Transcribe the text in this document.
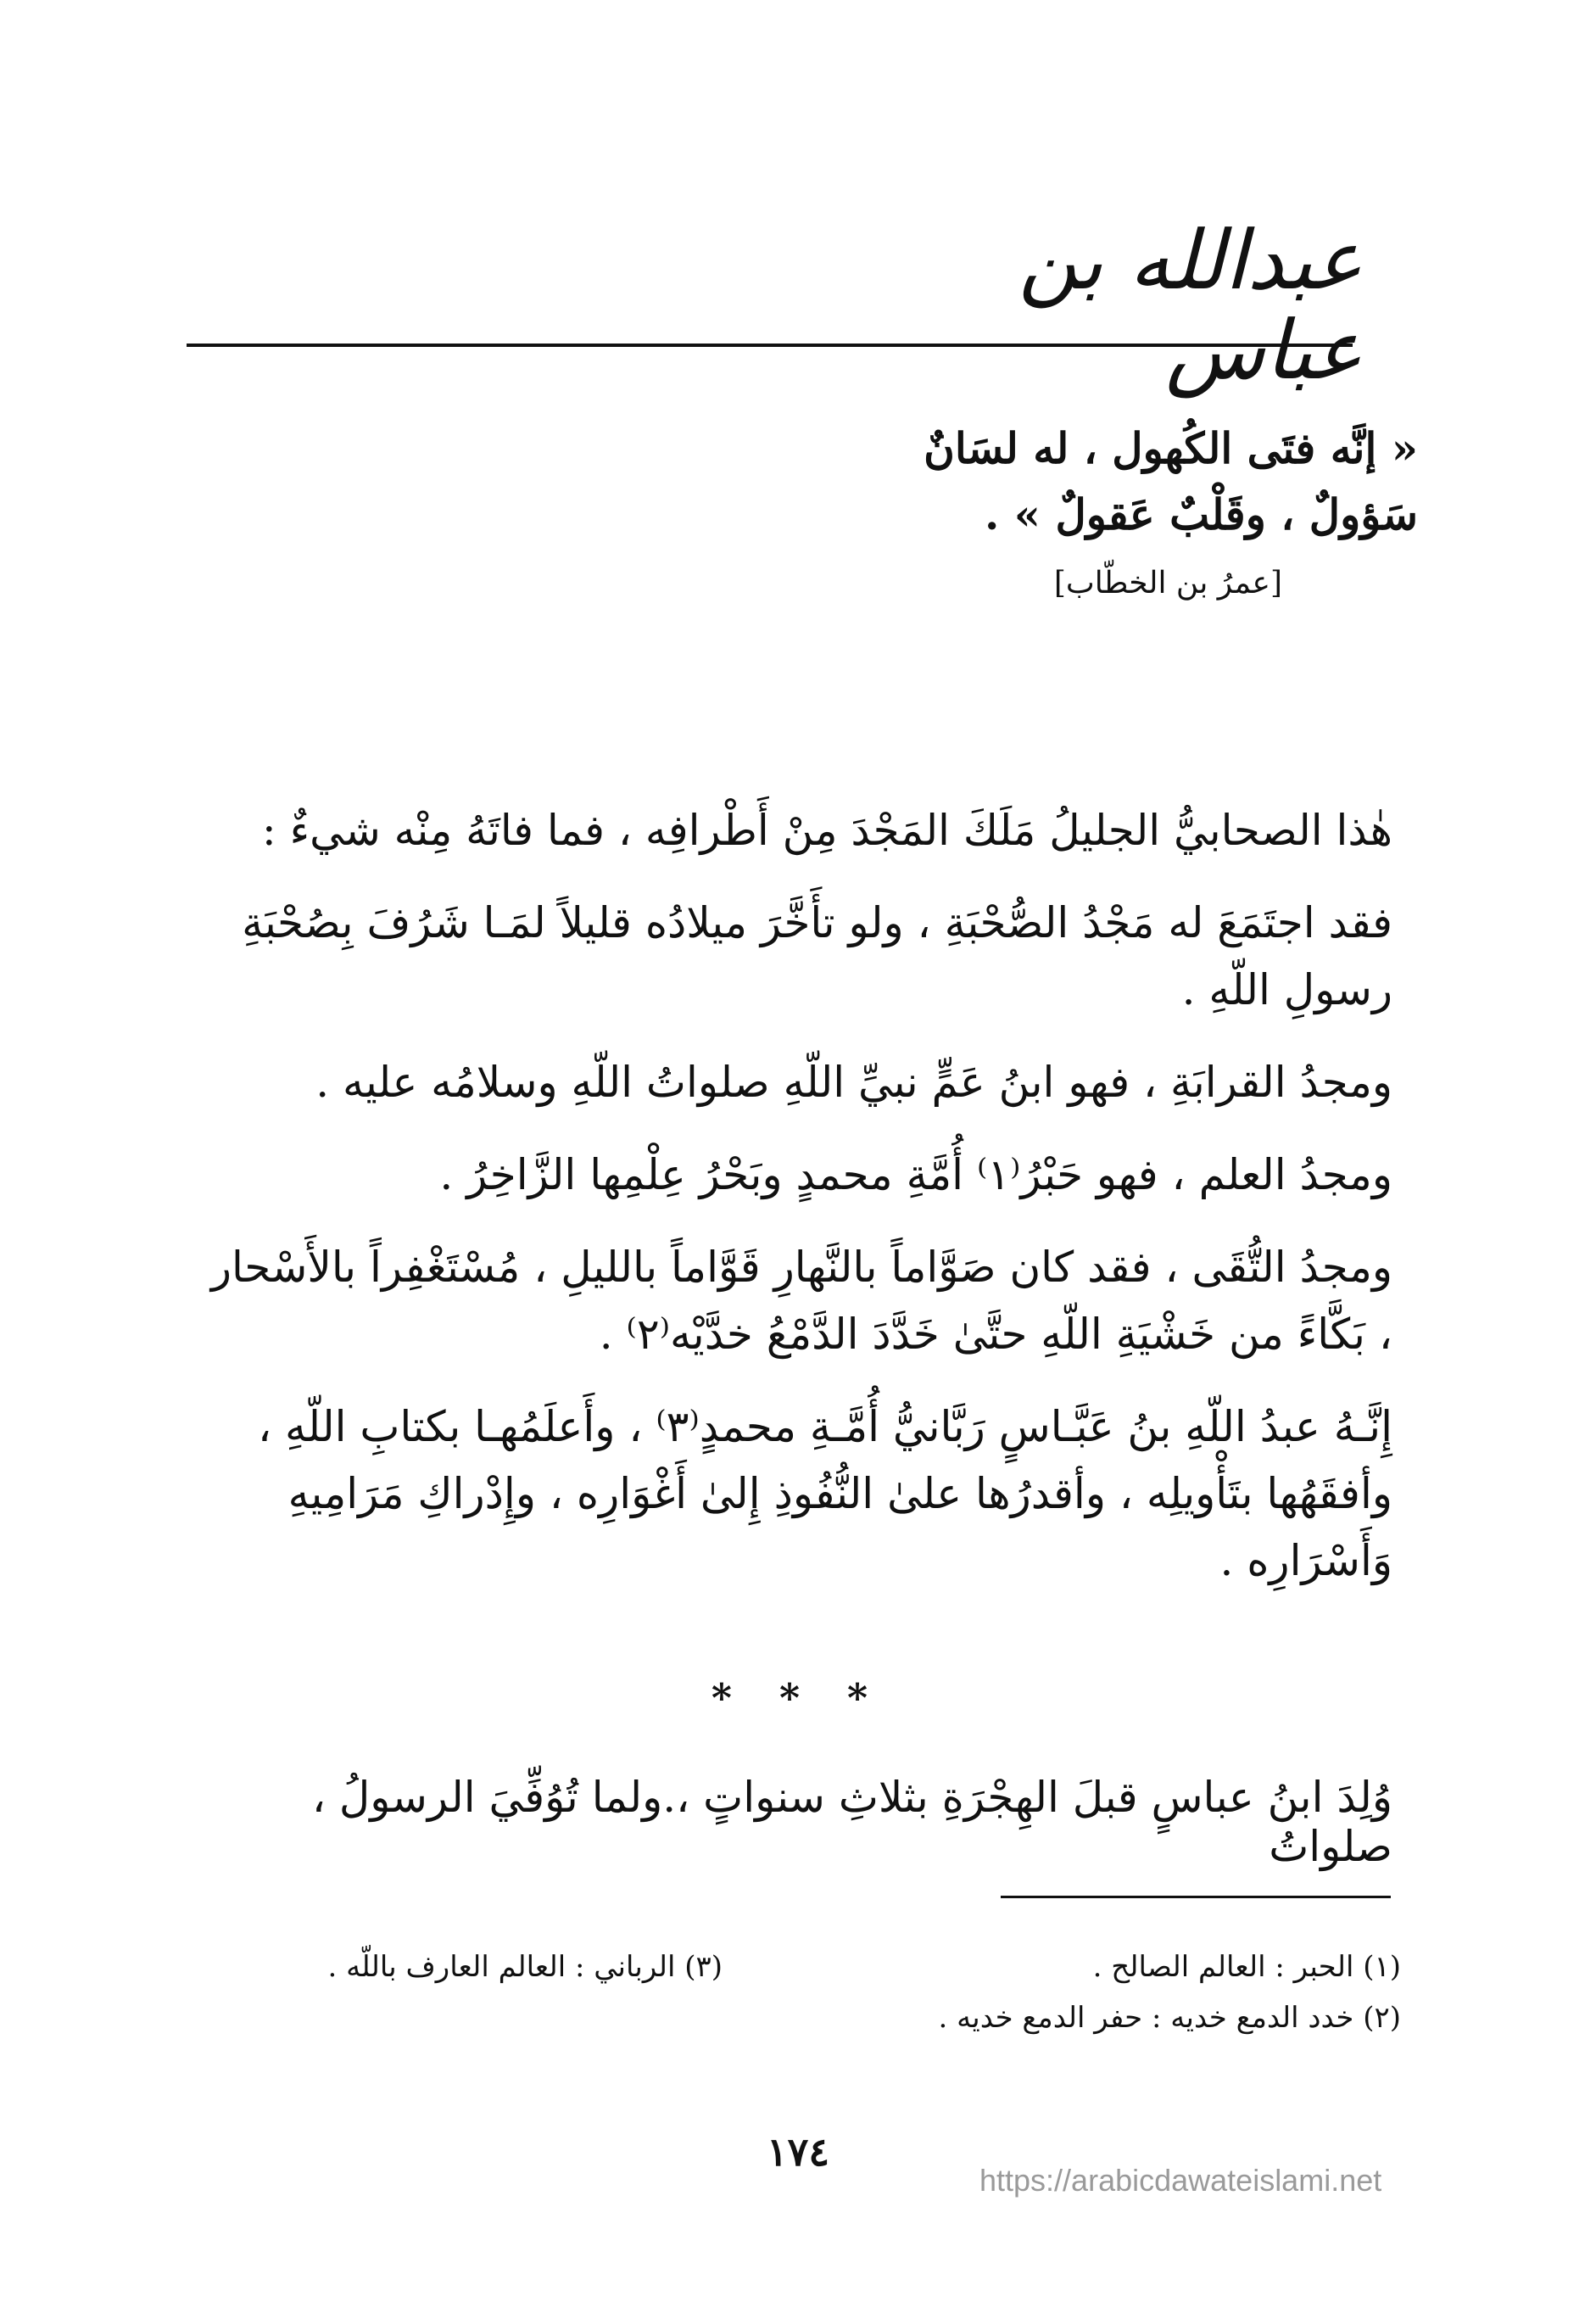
عبدالله بن عباس
« إنَّه فتَى الكُهول ، له لسَانٌ
سَؤولٌ ، وقَلْبٌ عَقولٌ » .
[عمرُ بن الخطّاب]

هٰذا الصحابيُّ الجليلُ مَلَكَ المَجْدَ مِنْ أَطْرافِه ، فما فاتَهُ مِنْه شيءٌ :

فقد اجتَمَعَ له مَجْدُ الصُّحْبَةِ ، ولو تأَخَّرَ ميلادُه قليلاً لمَـا شَرُفَ بِصُحْبَةِ رسولِ اللّهِ .

ومجدُ القرابَةِ ، فهو ابنُ عَمٍّ نبيِّ اللّهِ صلواتُ اللّهِ وسلامُه عليه .

ومجدُ العلم ، فهو حَبْرُ⁽١⁾ أُمَّةِ محمدٍ وبَحْرُ عِلْمِها الزَّاخِرُ .

ومجدُ التُّقَى ، فقد كان صَوَّاماً بالنَّهارِ قَوَّاماً بالليلِ ، مُسْتَغْفِراً بالأَسْحار ، بَكَّاءً من خَشْيَةِ اللّهِ حتَّىٰ خَدَّدَ الدَّمْعُ خدَّيْه⁽٢⁾ .

إِنَّـهُ عبدُ اللّهِ بنُ عَبَّـاسٍ رَبَّانيُّ أُمَّـةِ محمدٍ⁽٣⁾ ، وأَعلَمُهـا بكتابِ اللّهِ ، وأفقَهُها بتَأْويلِه ، وأقدرُها علىٰ النُّفُوذِ إِلىٰ أَغْوَارِه ، وإِدْراكِ مَرَامِيهِ وَأَسْرَارِه .

* * *
وُلِدَ ابنُ عباسٍ قبلَ الهِجْرَةِ بثلاثِ سنواتٍ ،.ولما تُوُفِّيَ الرسولُ ، صلواتُ
(١) الحبر : العالم الصالح .
(٢) خدد الدمع خديه : حفر الدمع خديه .
(٣) الرباني : العالم العارف باللّه .
١٧٤
https://arabicdawateislami.net
